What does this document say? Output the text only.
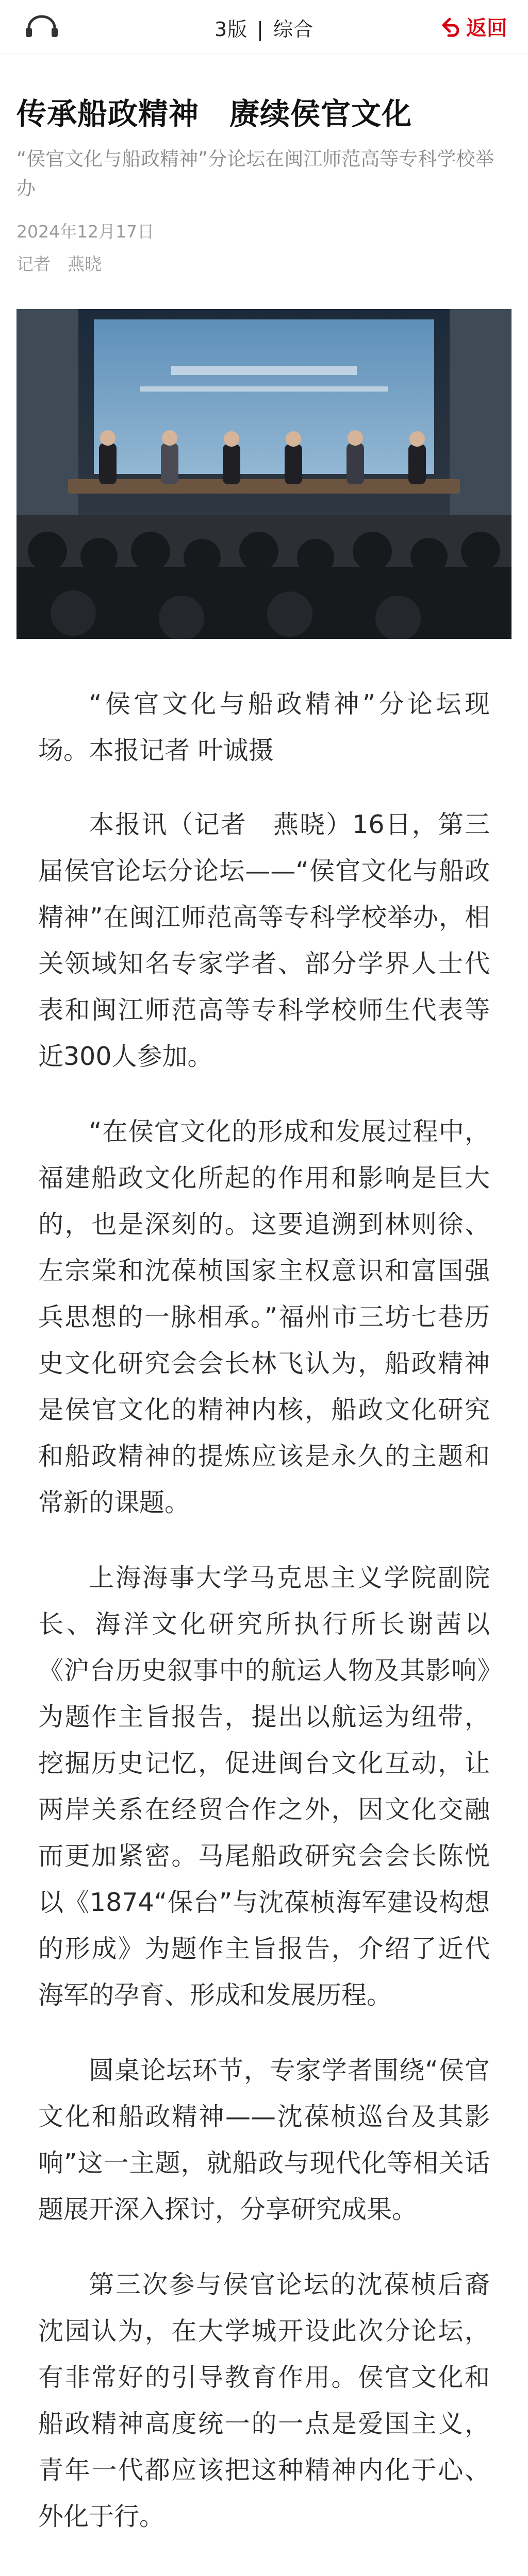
3版 | 综合	返回
传承船政精神　赓续侯官文化
“侯官文化与船政精神”分论坛在闽江师范高等专科学校举办
2024年12月17日
记者　燕晓

“侯官文化与船政精神”分论坛现场。本报记者 叶诚摄

本报讯（记者　燕晓）16日，第三届侯官论坛分论坛——“侯官文化与船政精神”在闽江师范高等专科学校举办，相关领域知名专家学者、部分学界人士代表和闽江师范高等专科学校师生代表等近300人参加。

“在侯官文化的形成和发展过程中，福建船政文化所起的作用和影响是巨大的，也是深刻的。这要追溯到林则徐、左宗棠和沈葆桢国家主权意识和富国强兵思想的一脉相承。”福州市三坊七巷历史文化研究会会长林飞认为，船政精神是侯官文化的精神内核，船政文化研究和船政精神的提炼应该是永久的主题和常新的课题。

上海海事大学马克思主义学院副院长、海洋文化研究所执行所长谢茜以《沪台历史叙事中的航运人物及其影响》为题作主旨报告，提出以航运为纽带，挖掘历史记忆，促进闽台文化互动，让两岸关系在经贸合作之外，因文化交融而更加紧密。马尾船政研究会会长陈悦以《1874“保台”与沈葆桢海军建设构想的形成》为题作主旨报告，介绍了近代海军的孕育、形成和发展历程。

圆桌论坛环节，专家学者围绕“侯官文化和船政精神——沈葆桢巡台及其影响”这一主题，就船政与现代化等相关话题展开深入探讨，分享研究成果。

第三次参与侯官论坛的沈葆桢后裔沈园认为，在大学城开设此次分论坛，有非常好的引导教育作用。侯官文化和船政精神高度统一的一点是爱国主义，青年一代都应该把这种精神内化于心、外化于行。
